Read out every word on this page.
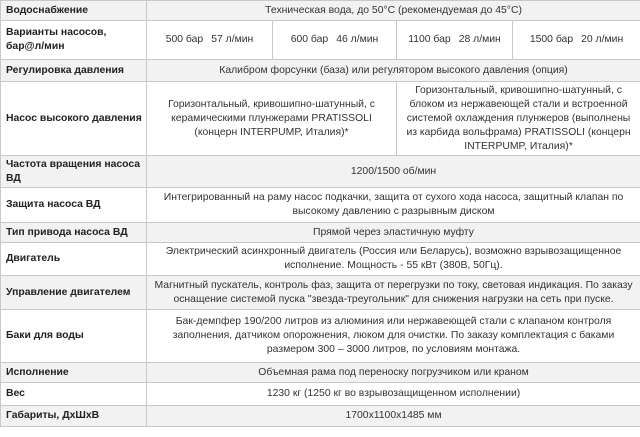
Водоснабжение	Техническая вода, до 50°C (рекомендуемая до 45°C)			
Варианты насосов, бар@л/мин	500 бар 57 л/мин	600 бар 46 л/мин	1100 бар 28 л/мин	1500 бар 20 л/мин
Регулировка давления	Калибром форсунки (база) или регулятором высокого давления (опция)			
Насос высокого давления	Горизонтальный, кривошипно-шатунный, с керамическими плунжерами PRATISSOLI (концерн INTERPUMP, Италия)*		Горизонтальный, кривошипно-шатунный, с блоком из нержавеющей стали и встроенной системой охлаждения плунжеров (выполнены из карбида вольфрама) PRATISSOLI (концерн INTERPUMP, Италия)*	
Частота вращения насоса ВД	1200/1500 об/мин			
Защита насоса ВД	Интегрированный на раму насос подкачки, защита от сухого хода насоса, защитный клапан по высокому давлению с разрывным диском			
Тип привода насоса ВД	Прямой через эластичную муфту			
Двигатель	Электрический асинхронный двигатель (Россия или Беларусь), возможно взрывозащищенное исполнение. Мощность - 55 кВт (380В, 50Гц).			
Управление двигателем	Магнитный пускатель, контроль фаз, защита от перегрузки по току, световая индикация. По заказу оснащение системой пуска "звезда-треугольник" для снижения нагрузки на сеть при пуске.			
Баки для воды	Бак-демпфер 190/200 литров из алюминия или нержавеющей стали с клапаном контроля заполнения, датчиком опорожнения, люком для очистки. По заказу комплектация с баками размером 300 – 3000 литров, по условиям монтажа.			
Исполнение	Объемная рама под переноску погрузчиком или краном			
Вес	1230 кг (1250 кг во взрывозащищенном исполнении)			
Габариты, ДхШхВ	1700x1100x1485 мм			
